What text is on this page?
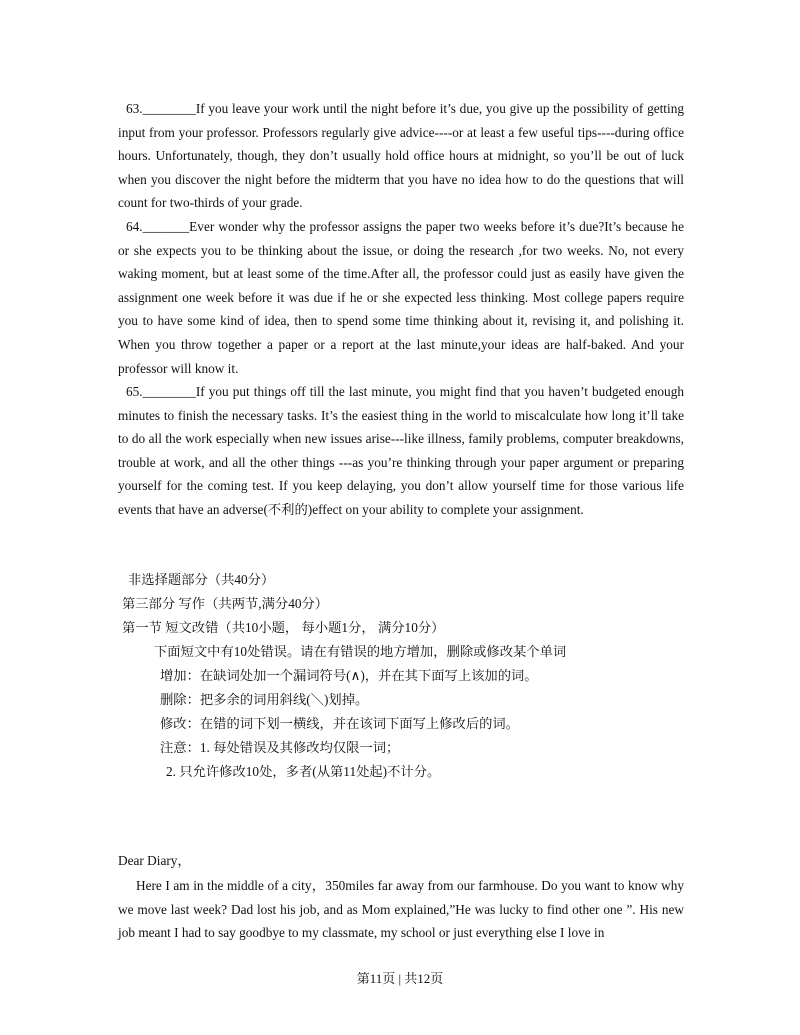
63.________If you leave your work until the night before it’s due, you give up the possibility of getting input from your professor. Professors regularly give advice----or at least a few useful tips----during office hours. Unfortunately, though, they don’t usually hold office hours at midnight, so you’ll be out of luck when you discover the night before the midterm that you have no idea how to do the questions that will count for two-thirds of your grade.

64._______Ever wonder why the professor assigns the paper two weeks before it’s due?It’s because he or she expects you to be thinking about the issue, or doing the research ,for two weeks. No, not every waking moment, but at least some of the time.After all, the professor could just as easily have given the assignment one week before it was due if he or she expected less thinking. Most college papers require you to have some kind of idea, then to spend some time thinking about it, revising it, and polishing it. When you throw together a paper or a report at the last minute,your ideas are half-baked. And your professor will know it.

65.________If you put things off till the last minute, you might find that you haven’t budgeted enough minutes to finish the necessary tasks. It’s the easiest thing in the world to miscalculate how long it’ll take to do all the work especially when new issues arise---like illness, family problems, computer breakdowns, trouble at work, and all the other things ---as you’re thinking through your paper argument or preparing yourself for the coming test. If you keep delaying, you don’t allow yourself time for those various life events that have an adverse(不利的)effect on your ability to complete your assignment.

非选择题部分（共40分）

第三部分 写作（共两节,满分40分）

第一节 短文改错（共10小题， 每小题1分， 满分10分）

下面短文中有10处错误。请在有错误的地方增加，删除或修改某个单词

增加：在缺词处加一个漏词符号(∧)，并在其下面写上该加的词。

删除：把多余的词用斜线(＼)划掉。

修改：在错的词下划一横线，并在该词下面写上修改后的词。

注意：1. 每处错误及其修改均仅限一词；

2. 只允许修改10处，多者(从第11处起)不计分。

Dear Diary，

Here I am in the middle of a city，350miles far away from our farmhouse. Do you want to know why we move last week? Dad lost his job, and as Mom explained,”He was lucky to find other one ”. His new job meant I had to say goodbye to my classmate, my school or just everything else I love in

第11页 | 共12页
